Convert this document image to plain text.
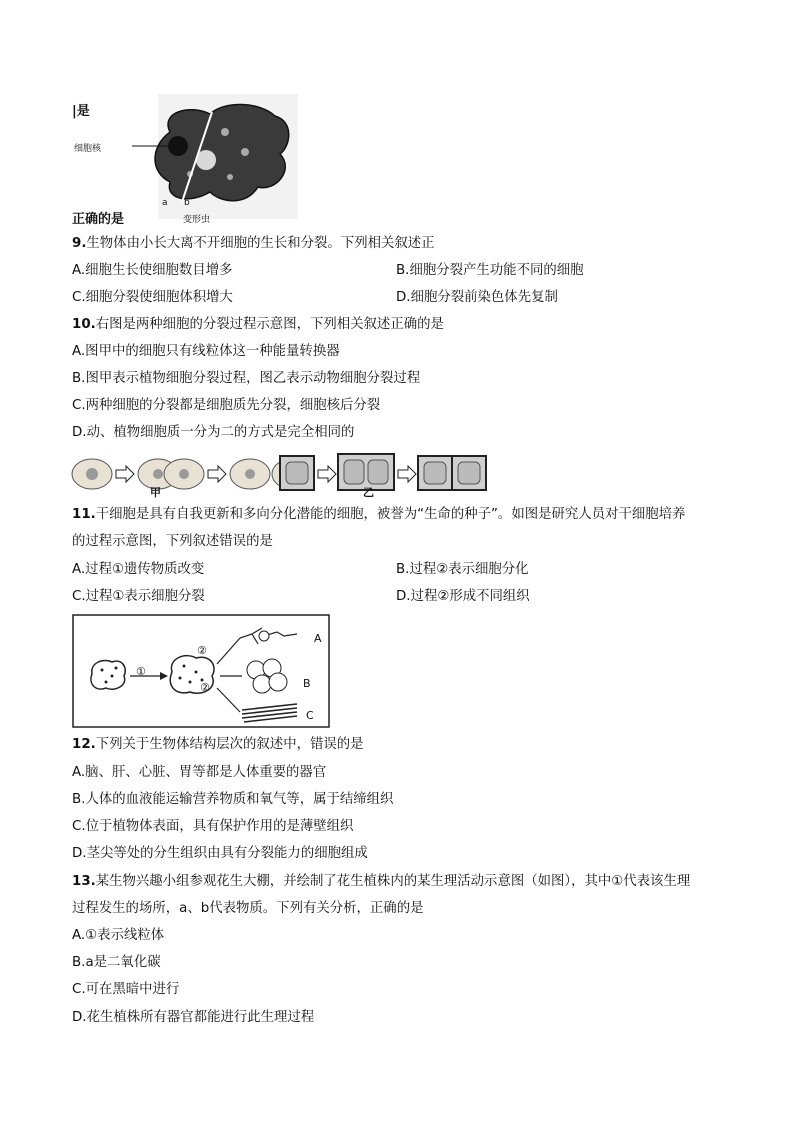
|是
正确的是
细胞核
a b
变形虫
9.生物体由小长大离不开细胞的生长和分裂。下列相关叙述正
A.细胞生长使细胞数目增多	B.细胞分裂产生功能不同的细胞
C.细胞分裂使细胞体积增大	D.细胞分裂前染色体先复制
10.右图是两种细胞的分裂过程示意图，下列相关叙述正确的是
A.图甲中的细胞只有线粒体这一种能量转换器
B.图甲表示植物细胞分裂过程，图乙表示动物细胞分裂过程
C.两种细胞的分裂都是细胞质先分裂，细胞核后分裂
D.动、植物细胞质一分为二的方式是完全相同的
甲	乙
11.干细胞是具有自我更新和多向分化潜能的细胞，被誉为“生命的种子”。如图是研究人员对干细胞培养
的过程示意图，下列叙述错误的是
A.过程①遗传物质改变	B.过程②表示细胞分化
C.过程①表示细胞分裂	D.过程②形成不同组织
①
②
②
A
B
C
12.下列关于生物体结构层次的叙述中，错误的是
A.脑、肝、心脏、胃等都是人体重要的器官
B.人体的血液能运输营养物质和氧气等，属于结缔组织
C.位于植物体表面，具有保护作用的是薄壁组织
D.茎尖等处的分生组织由具有分裂能力的细胞组成
13.某生物兴趣小组参观花生大棚，并绘制了花生植株内的某生理活动示意图（如图），其中①代表该生理
过程发生的场所，a、b代表物质。下列有关分析，正确的是
A.①表示线粒体
B.a是二氧化碳
C.可在黑暗中进行
D.花生植株所有器官都能进行此生理过程
